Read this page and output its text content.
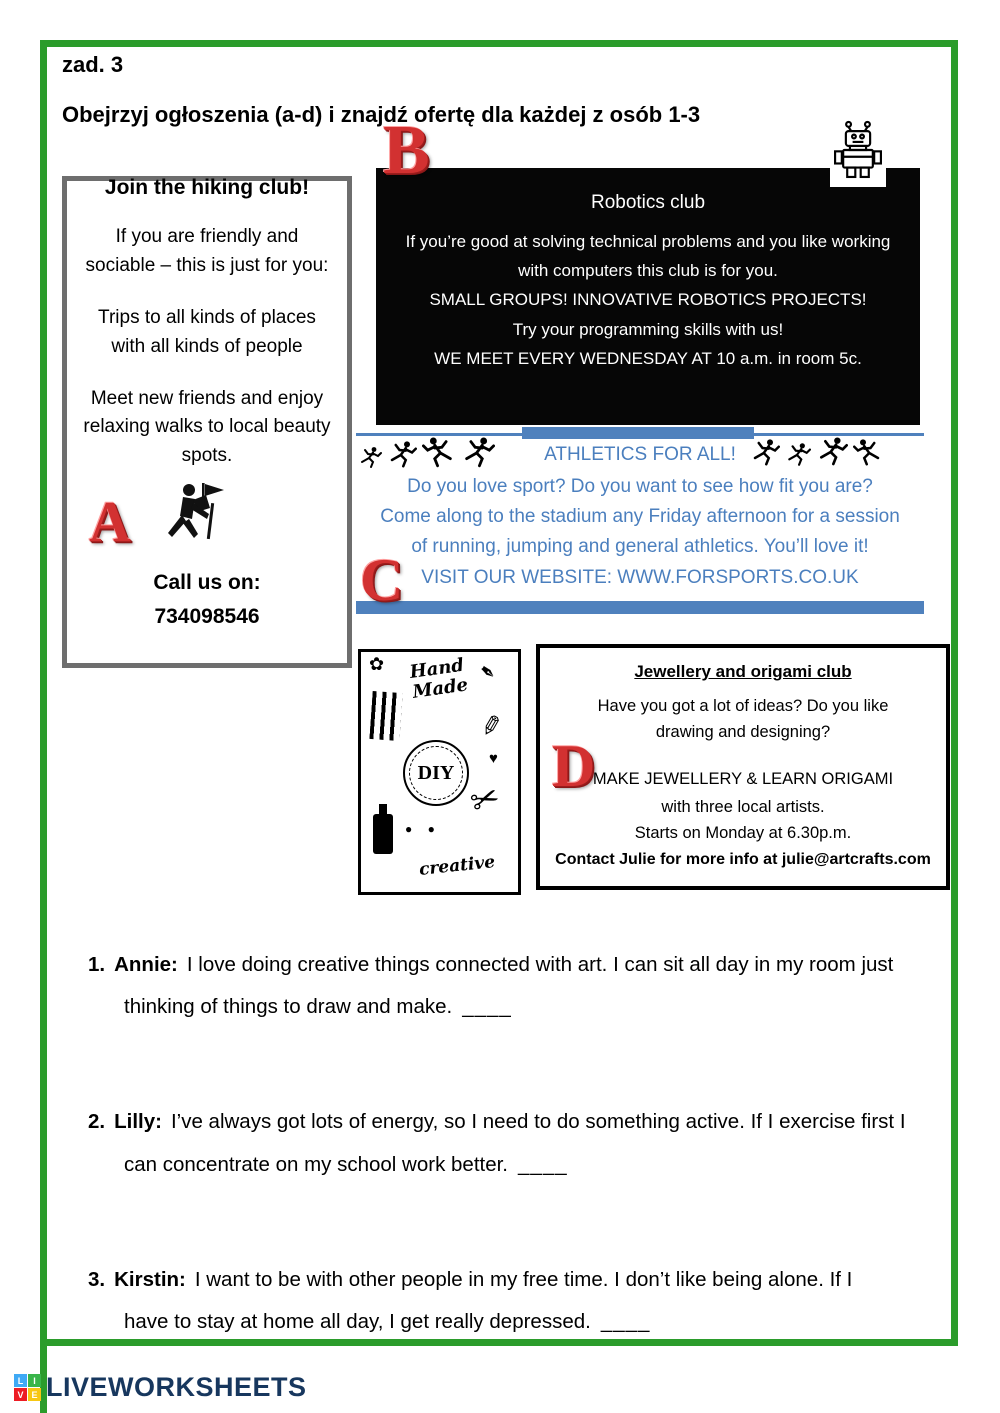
zad. 3
Obejrzyj ogłoszenia (a-d) i znajdź ofertę dla każdej z osób 1-3
Join the hiking club!

If you are friendly and sociable – this is just for you:

Trips to all kinds of places with all kinds of people

Meet new friends and enjoy relaxing walks to local beauty spots.

A
Call us on:
734098546
B
Robotics club

If you’re good at solving technical problems and you like working with computers this club is for you.

SMALL GROUPS! INNOVATIVE ROBOTICS PROJECTS!

Try your programming skills with us!

WE MEET EVERY WEDNESDAY AT 10 a.m. in room 5c.

ATHLETICS FOR ALL!
Do you love sport? Do you want to see how fit you are?
Come along to the stadium any Friday afternoon for a session
of running, jumping and general athletics. You’ll love it!
VISIT OUR WEBSITE: WWW.FORSPORTS.CO.UK
C
✿ Hand Made
✒
✎
♥
DIY
✂
● ●
creative
Jewellery and origami club

Have you got a lot of ideas? Do you like drawing and designing?

D
MAKE JEWELLERY & LEARN ORIGAMI
with three local artists.
Starts on Monday at 6.30p.m.
Contact Julie for more info at julie@artcrafts.com
1. Annie: I love doing creative things connected with art. I can sit all day in my room just thinking of things to draw and make. ____
2. Lilly: I’ve always got lots of energy, so I need to do something active. If I exercise first I can concentrate on my school work better. ____
3. Kirstin: I want to be with other people in my free time. I don’t like being alone. If I have to stay at home all day, I get really depressed. ____
L	I
V E LIVEWORKSHEETS
